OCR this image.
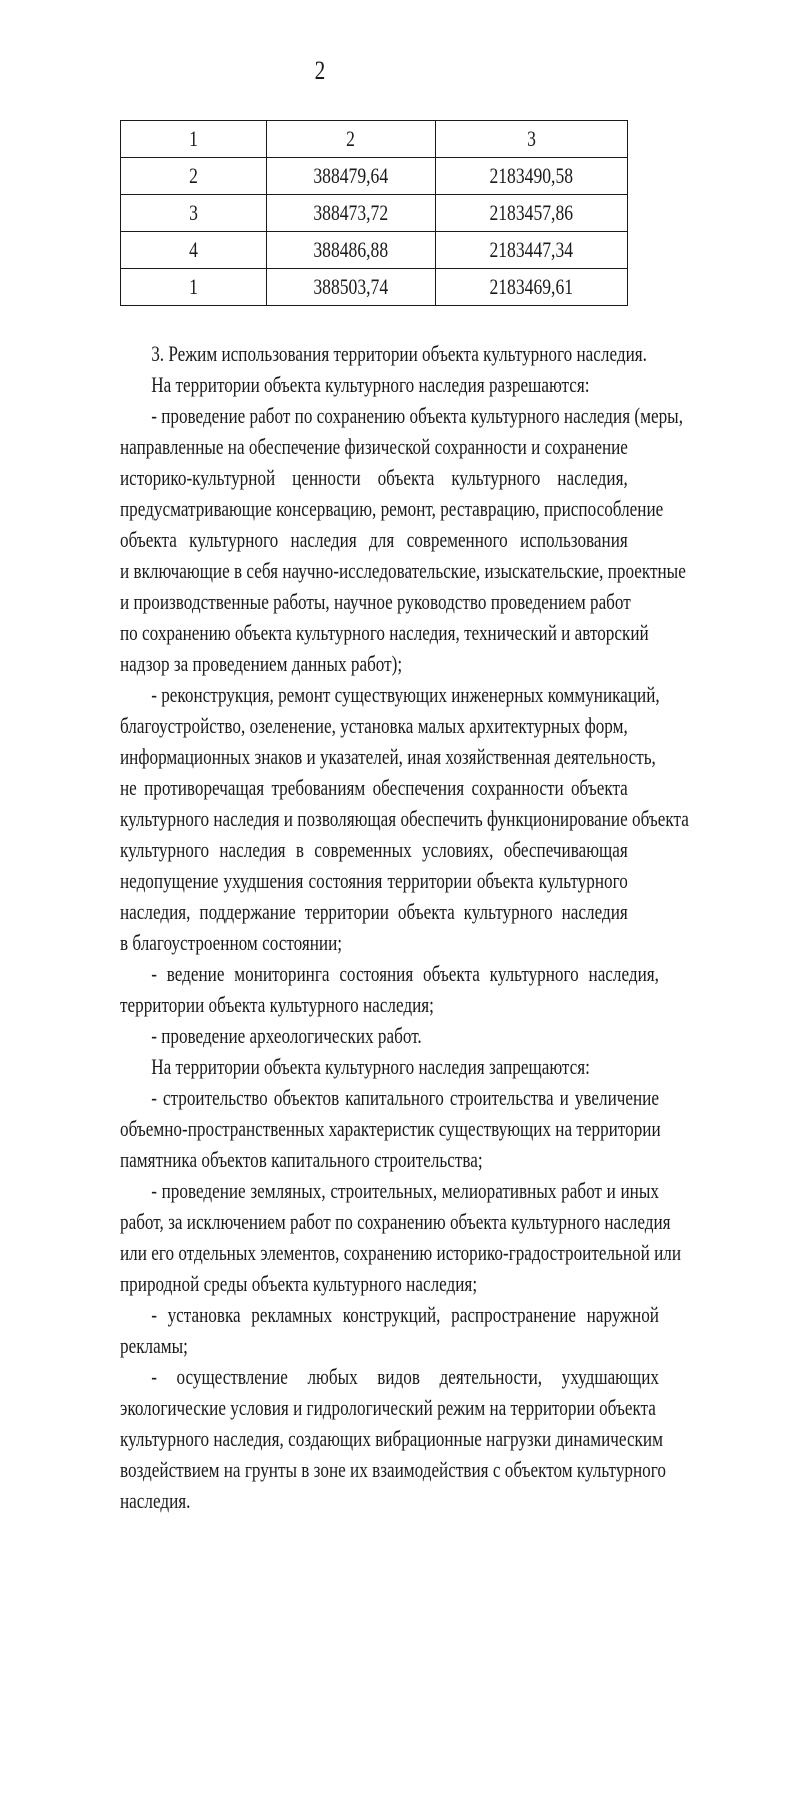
2
1	2	3
2	388479,64	2183490,58
3	388473,72	2183457,86
4	388486,88	2183447,34
1	388503,74	2183469,61
3. Режим использования территории объекта культурного наследия.
На территории объекта культурного наследия разрешаются:
- проведение работ по сохранению объекта культурного наследия (меры,
направленные на обеспечение физической сохранности и сохранение
историко-культурной ценности объекта культурного наследия,
предусматривающие консервацию, ремонт, реставрацию, приспособление
объекта культурного наследия для современного использования
и включающие в себя научно-исследовательские, изыскательские, проектные
и производственные работы, научное руководство проведением работ
по сохранению объекта культурного наследия, технический и авторский
надзор за проведением данных работ);
- реконструкция, ремонт существующих инженерных коммуникаций,
благоустройство, озеленение, установка малых архитектурных форм,
информационных знаков и указателей, иная хозяйственная деятельность,
не противоречащая требованиям обеспечения сохранности объекта
культурного наследия и позволяющая обеспечить функционирование объекта
культурного наследия в современных условиях, обеспечивающая
недопущение ухудшения состояния территории объекта культурного
наследия, поддержание территории объекта культурного наследия
в благоустроенном состоянии;
- ведение мониторинга состояния объекта культурного наследия,
территории объекта культурного наследия;
- проведение археологических работ.
На территории объекта культурного наследия запрещаются:
- строительство объектов капитального строительства и увеличение
объемно-пространственных характеристик существующих на территории
памятника объектов капитального строительства;
- проведение земляных, строительных, мелиоративных работ и иных
работ, за исключением работ по сохранению объекта культурного наследия
или его отдельных элементов, сохранению историко-градостроительной или
природной среды объекта культурного наследия;
- установка рекламных конструкций, распространение наружной
рекламы;
- осуществление любых видов деятельности, ухудшающих
экологические условия и гидрологический режим на территории объекта
культурного наследия, создающих вибрационные нагрузки динамическим
воздействием на грунты в зоне их взаимодействия с объектом культурного
наследия.
